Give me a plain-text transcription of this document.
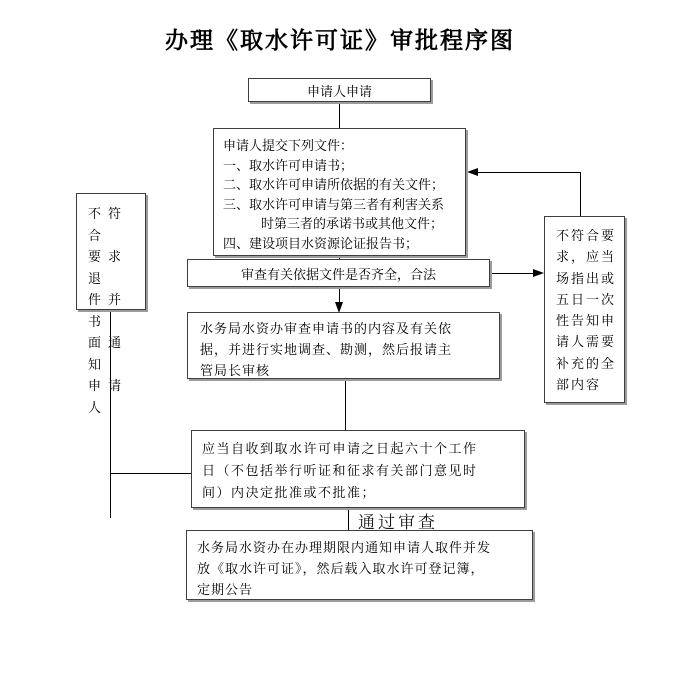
办理《取水许可证》审批程序图
申请人申请
申请人提交下列文件：
一、取水许可申请书；
二、取水许可申请所依据的有关文件；
三、取水许可申请与第三者有利害关系
时第三者的承诺书或其他文件；
四、建设项目水资源论证报告书；
审查有关依据文件是否齐全，合法
水务局水资办审查申请书的内容及有关依
据，并进行实地调查、勘测，然后报请主
管局长审核
应当自收到取水许可申请之日起六十个工作
日（不包括举行听证和征求有关部门意见时
间）内决定批准或不批准；
水务局水资办在办理期限内通知申请人取件并发
放《取水许可证》，然后载入取水许可登记簿，
定期公告
不符合
要求退
件并书
面通知
申请人
不符合要
求，应当
场指出或
五日一次
性告知申
请人需要
补充的全
部内容
通过审查
